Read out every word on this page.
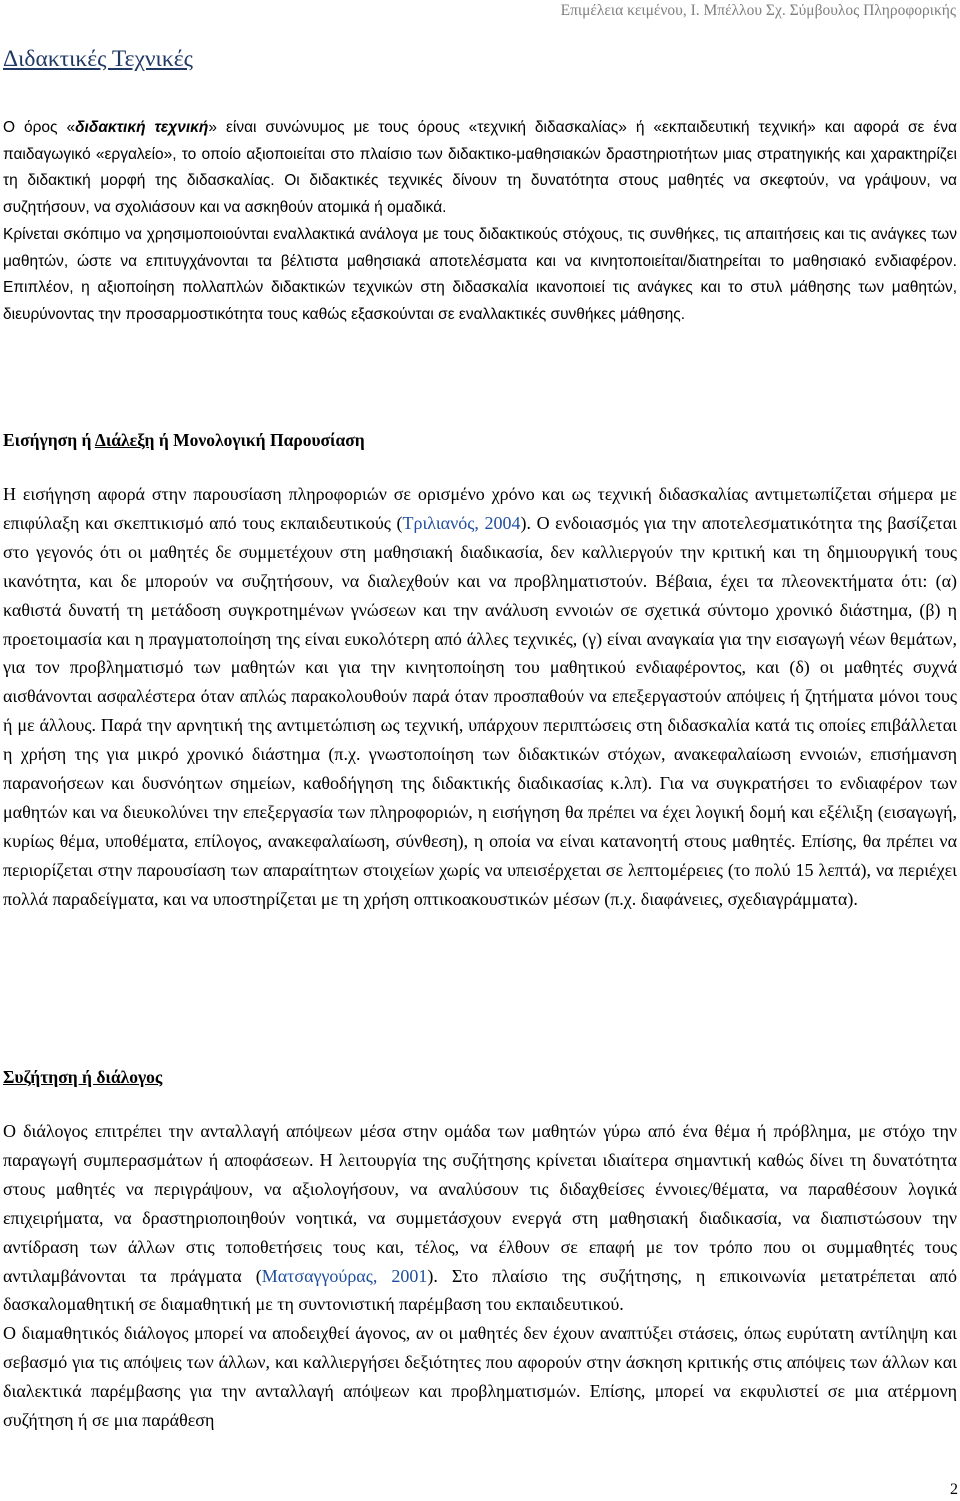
Επιμέλεια κειμένου, Ι. Μπέλλου Σχ. Σύμβουλος Πληροφορικής
Διδακτικές Τεχνικές

Ο όρος «διδακτική τεχνική» είναι συνώνυμος με τους όρους «τεχνική διδασκαλίας» ή «εκπαιδευτική τεχνική» και αφορά σε ένα παιδαγωγικό «εργαλείο», το οποίο αξιοποιείται στο πλαίσιο των διδακτικο-μαθησιακών δραστηριοτήτων μιας στρατηγικής και χαρακτηρίζει τη διδακτική μορφή της διδασκαλίας. Οι διδακτικές τεχνικές δίνουν τη δυνατότητα στους μαθητές να σκεφτούν, να γράψουν, να συζητήσουν, να σχολιάσουν και να ασκηθούν ατομικά ή ομαδικά.

Κρίνεται σκόπιμο να χρησιμοποιούνται εναλλακτικά ανάλογα με τους διδακτικούς στόχους, τις συνθήκες, τις απαιτήσεις και τις ανάγκες των μαθητών, ώστε να επιτυγχάνονται τα βέλτιστα μαθησιακά αποτελέσματα και να κινητοποιείται/διατηρείται το μαθησιακό ενδιαφέρον. Επιπλέον, η αξιοποίηση πολλαπλών διδακτικών τεχνικών στη διδασκαλία ικανοποιεί τις ανάγκες και το στυλ μάθησης των μαθητών, διευρύνοντας την προσαρμοστικότητα τους καθώς εξασκούνται σε εναλλακτικές συνθήκες μάθησης.

Εισήγηση ή Διάλεξη ή Μονολογική Παρουσίαση

Η εισήγηση αφορά στην παρουσίαση πληροφοριών σε ορισμένο χρόνο και ως τεχνική διδασκαλίας αντιμετωπίζεται σήμερα με επιφύλαξη και σκεπτικισμό από τους εκπαιδευτικούς (Τριλιανός, 2004). Ο ενδοιασμός για την αποτελεσματικότητα της βασίζεται στο γεγονός ότι οι μαθητές δε συμμετέχουν στη μαθησιακή διαδικασία, δεν καλλιεργούν την κριτική και τη δημιουργική τους ικανότητα, και δε μπορούν να συζητήσουν, να διαλεχθούν και να προβληματιστούν. Βέβαια, έχει τα πλεονεκτήματα ότι: (α) καθιστά δυνατή τη μετάδοση συγκροτημένων γνώσεων και την ανάλυση εννοιών σε σχετικά σύντομο χρονικό διάστημα, (β) η προετοιμασία και η πραγματοποίηση της είναι ευκολότερη από άλλες τεχνικές, (γ) είναι αναγκαία για την εισαγωγή νέων θεμάτων, για τον προβληματισμό των μαθητών και για την κινητοποίηση του μαθητικού ενδιαφέροντος, και (δ) οι μαθητές συχνά αισθάνονται ασφαλέστερα όταν απλώς παρακολουθούν παρά όταν προσπαθούν να επεξεργαστούν απόψεις ή ζητήματα μόνοι τους ή με άλλους. Παρά την αρνητική της αντιμετώπιση ως τεχνική, υπάρχουν περιπτώσεις στη διδασκαλία κατά τις οποίες επιβάλλεται η χρήση της για μικρό χρονικό διάστημα (π.χ. γνωστοποίηση των διδακτικών στόχων, ανακεφαλαίωση εννοιών, επισήμανση παρανοήσεων και δυσνόητων σημείων, καθοδήγηση της διδακτικής διαδικασίας κ.λπ). Για να συγκρατήσει το ενδιαφέρον των μαθητών και να διευκολύνει την επεξεργασία των πληροφοριών, η εισήγηση θα πρέπει να έχει λογική δομή και εξέλιξη (εισαγωγή, κυρίως θέμα, υποθέματα, επίλογος, ανακεφαλαίωση, σύνθεση), η οποία να είναι κατανοητή στους μαθητές. Επίσης, θα πρέπει να περιορίζεται στην παρουσίαση των απαραίτητων στοιχείων χωρίς να υπεισέρχεται σε λεπτομέρειες (το πολύ 15 λεπτά), να περιέχει πολλά παραδείγματα, και να υποστηρίζεται με τη χρήση οπτικοακουστικών μέσων (π.χ. διαφάνειες, σχεδιαγράμματα).

Συζήτηση ή διάλογος

Ο διάλογος επιτρέπει την ανταλλαγή απόψεων μέσα στην ομάδα των μαθητών γύρω από ένα θέμα ή πρόβλημα, με στόχο την παραγωγή συμπερασμάτων ή αποφάσεων. Η λειτουργία της συζήτησης κρίνεται ιδιαίτερα σημαντική καθώς δίνει τη δυνατότητα στους μαθητές να περιγράψουν, να αξιολογήσουν, να αναλύσουν τις διδαχθείσες έννοιες/θέματα, να παραθέσουν λογικά επιχειρήματα, να δραστηριοποιηθούν νοητικά, να συμμετάσχουν ενεργά στη μαθησιακή διαδικασία, να διαπιστώσουν την αντίδραση των άλλων στις τοποθετήσεις τους και, τέλος, να έλθουν σε επαφή με τον τρόπο που οι συμμαθητές τους αντιλαμβάνονται τα πράγματα (Ματσαγγούρας, 2001). Στο πλαίσιο της συζήτησης, η επικοινωνία μετατρέπεται από δασκαλομαθητική σε διαμαθητική με τη συντονιστική παρέμβαση του εκπαιδευτικού.

Ο διαμαθητικός διάλογος μπορεί να αποδειχθεί άγονος, αν οι μαθητές δεν έχουν αναπτύξει στάσεις, όπως ευρύτατη αντίληψη και σεβασμό για τις απόψεις των άλλων, και καλλιεργήσει δεξιότητες που αφορούν στην άσκηση κριτικής στις απόψεις των άλλων και διαλεκτικά παρέμβασης για την ανταλλαγή απόψεων και προβληματισμών. Επίσης, μπορεί να εκφυλιστεί σε μια ατέρμονη συζήτηση ή σε μια παράθεση

2
